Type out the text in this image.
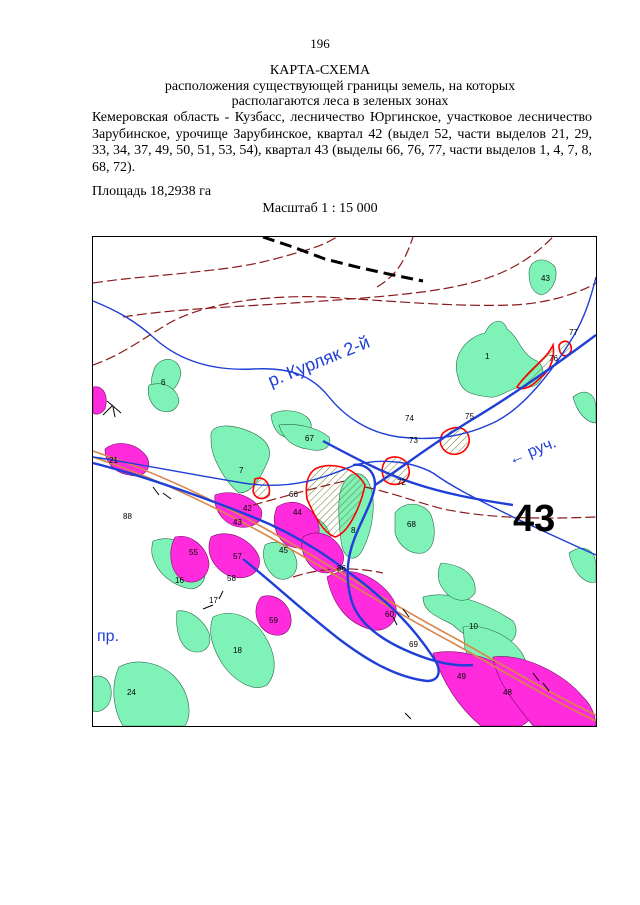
196
КАРТА-СХЕМА
расположения существующей границы земель, на которых располагаются леса в зеленых зонах
Кемеровская область - Кузбасс, лесничество Юргинское, участковое лесничество Зарубинское, урочище Зарубинское, квартал 42 (выдел 52, части выделов 21, 29, 33, 34, 37, 49, 50, 51, 53, 54), квартал 43 (выделы 66, 76, 77, части выделов 1, 4, 7, 8, 68, 72).
Площадь 18,2938 га
Масштаб 1 : 15 000
1
6
7
8
10
16
17
18
21
24
42
43
43
44
45
49
48
55	57
58
59
60
66
67
68
72
73
74	75
76
77
86
88
69
р. Курляк 2-й
← руч.
пр.
43
